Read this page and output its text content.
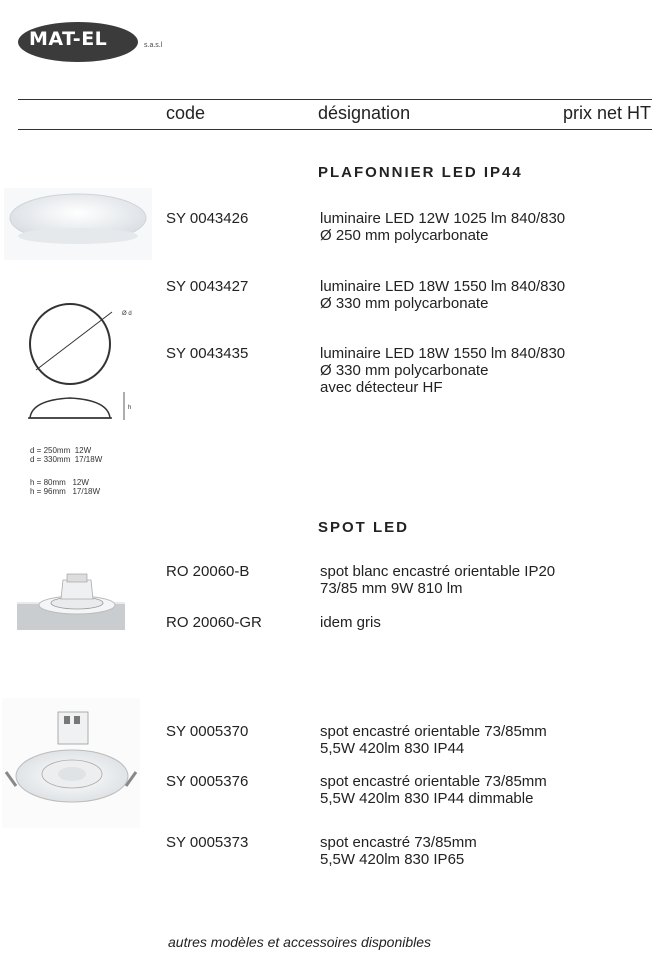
MAT-EL	s.a.s.l
code	désignation	prix net HT
PLAFONNIER LED IP44
Ø d
h
d = 250mm  12W
d = 330mm  17/18W
h = 80mm   12W
h = 96mm   17/18W
SY 0043426	luminaire LED 12W 1025 lm 840/830
Ø 250 mm polycarbonate
SY 0043427	luminaire LED 18W 1550 lm 840/830
Ø 330 mm polycarbonate
SY 0043435	luminaire LED 18W 1550 lm 840/830
Ø 330 mm polycarbonate
avec détecteur HF
SPOT LED
RO 20060-B	spot blanc encastré orientable IP20
73/85 mm 9W 810 lm
RO 20060-GR	idem gris
SY 0005370	spot encastré orientable 73/85mm
5,5W 420lm 830 IP44
SY 0005376	spot encastré orientable 73/85mm
5,5W 420lm 830 IP44 dimmable
SY 0005373	spot encastré 73/85mm
5,5W 420lm 830 IP65
autres modèles et accessoires disponibles
